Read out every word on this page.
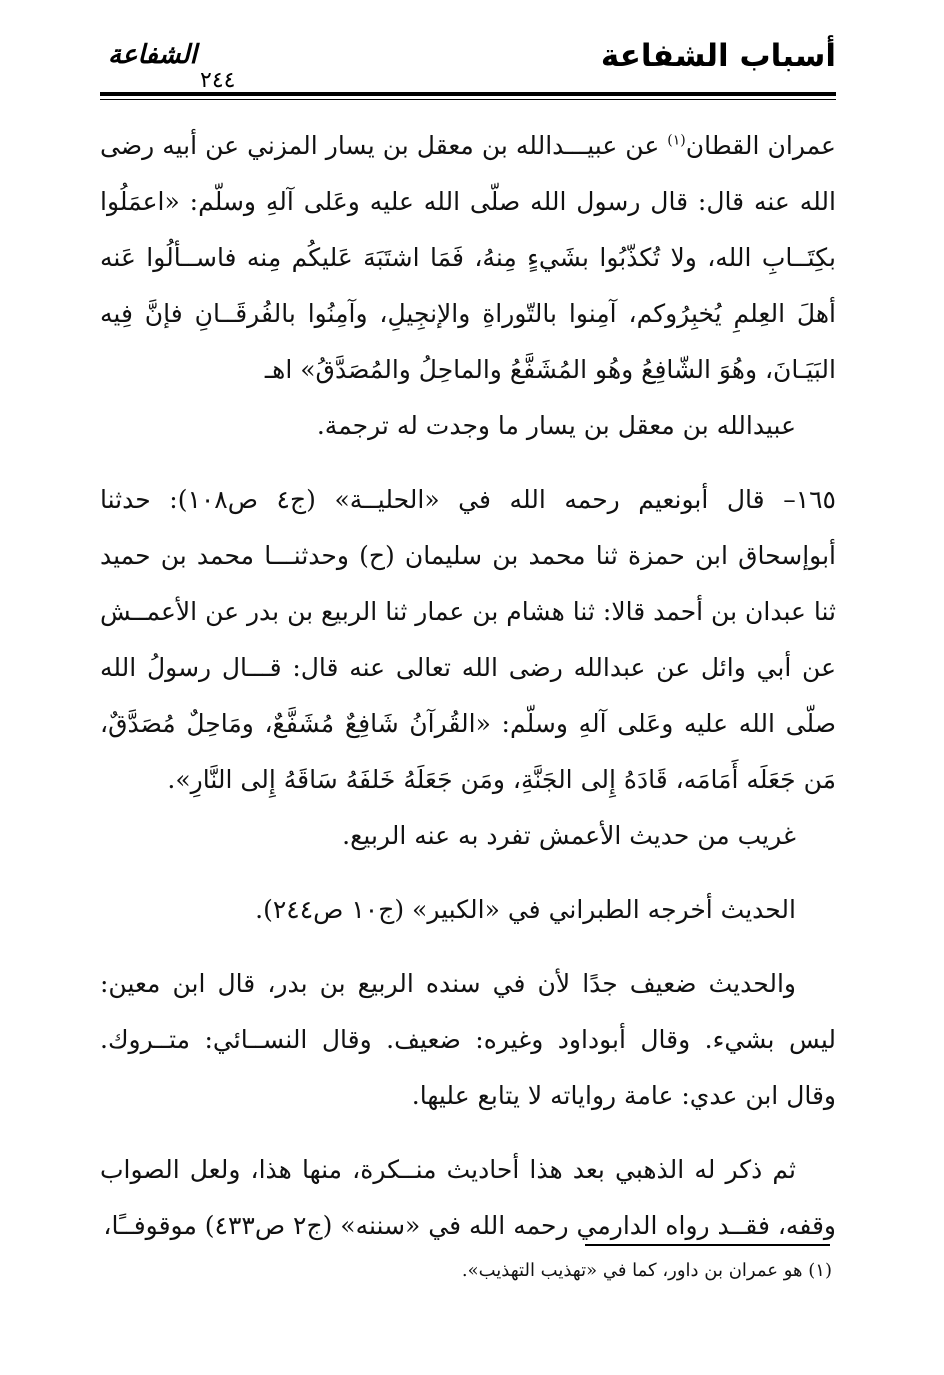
أسباب الشفاعة
الشفاعة
٢٤٤

عمران القطان$^{(١)}$ عن عبيـــدالله بن معقل بن يسار المزني عن أبيه رضى الله عنه قال: قال رسول الله صلّى الله عليه وعَلى آلهِ وسلّم: «اعمَلُوا بكِتَــابِ الله، ولا تُكذّبُوا بشَيءٍ مِنهُ، فَمَا اشتَبَهَ عَليكُم مِنه فاســألُوا عَنه أهلَ العِلمِ يُخبِرُوكم، آمِنوا بالتّوراةِ والإنجِيلِ، وآمِنُوا بالفُرقَــانِ فإنَّ فِيه البَيَـانَ، وهُوَ الشّافِعُ وهُو المُشَفَّعُ والماحِلُ والمُصَدَّقُ» اهـ

عبيدالله بن معقل بن يسار ما وجدت له ترجمة.

١٦٥– قال أبونعيم رحمه الله في «الحليــة» (ج٤ ص١٠٨): حدثنا أبوإسحاق ابن حمزة ثنا محمد بن سليمان (ح) وحدثنـــا محمد بن حميد ثنا عبدان بن أحمد قالا: ثنا هشام بن عمار ثنا الربيع بن بدر عن الأعمــش عن أبي وائل عن عبدالله رضى الله تعالى عنه قال: قـــال رسولُ الله صلّى الله عليه وعَلى آلهِ وسلّم: «القُرآنُ شَافِعٌ مُشَفَّعٌ، ومَاحِلٌ مُصَدَّقٌ، مَن جَعَلَه أَمَامَه، قَادَهُ إِلى الجَنَّةِ، ومَن جَعَلَهُ خَلفَهُ سَاقَهُ إِلى النَّارِ».

غريب من حديث الأعمش تفرد به عنه الربيع.

الحديث أخرجه الطبراني في «الكبير» (ج١٠ ص٢٤٤).

والحديث ضعيف جدًا لأن في سنده الربيع بن بدر، قال ابن معين: ليس بشيء. وقال أبوداود وغيره: ضعيف. وقال النســائي: متــروك. وقال ابن عدي: عامة رواياته لا يتابع عليها.

ثم ذكر له الذهبي بعد هذا أحاديث منــكرة، منها هذا، ولعل الصواب وقفه، فقــد رواه الدارمي رحمه الله في «سننه» (ج٢ ص٤٣٣) موقوفــًا،

(١) هو عمران بن داور، كما في «تهذيب التهذيب».
